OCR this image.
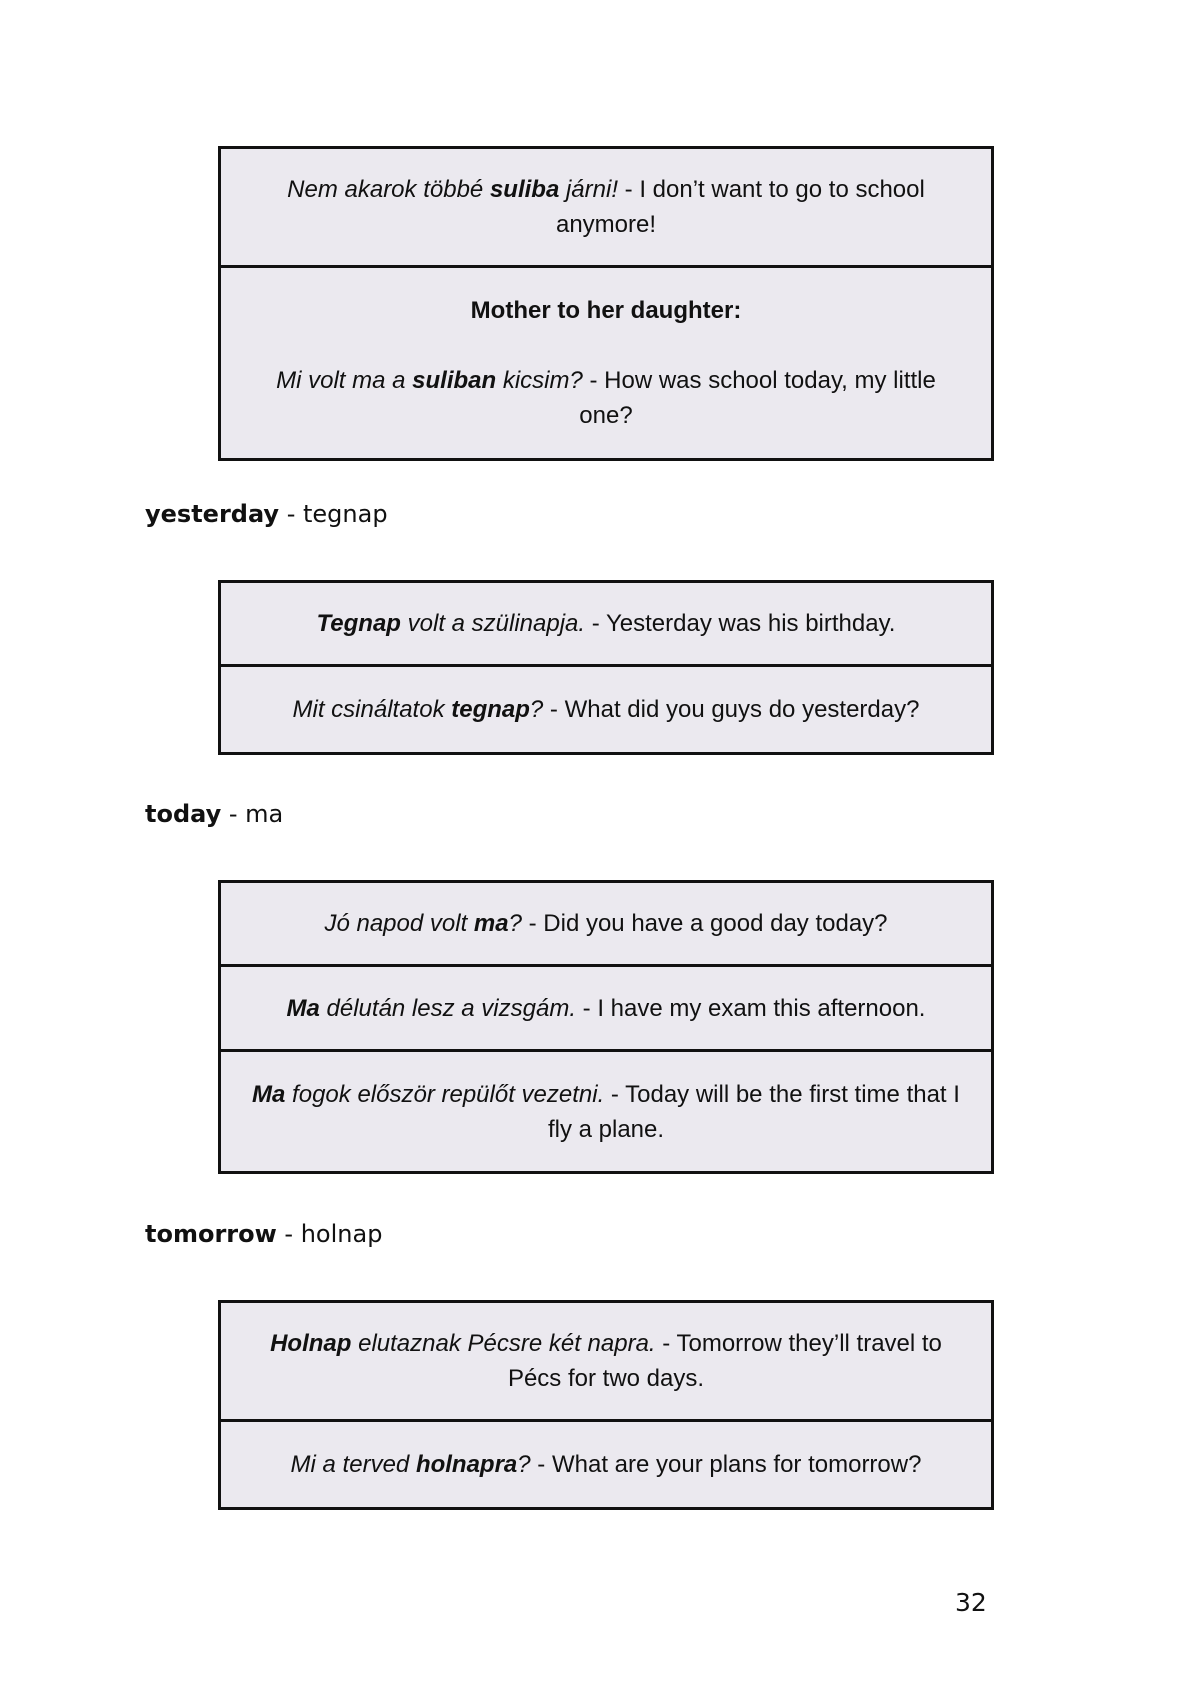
Nem akarok többé suliba járni! - I don’t want to go to school anymore!

Mother to her daughter:

Mi volt ma a suliban kicsim? - How was school today, my little one?

yesterday - tegnap

Tegnap volt a szülinapja. - Yesterday was his birthday.

Mit csináltatok tegnap? - What did you guys do yesterday?

today - ma

Jó napod volt ma? - Did you have a good day today?

Ma délután lesz a vizsgám. - I have my exam this afternoon.

Ma fogok először repülőt vezetni. - Today will be the first time that I fly a plane.

tomorrow - holnap

Holnap elutaznak Pécsre két napra. - Tomorrow they’ll travel to Pécs for two days.

Mi a terved holnapra? - What are your plans for tomorrow?

32
